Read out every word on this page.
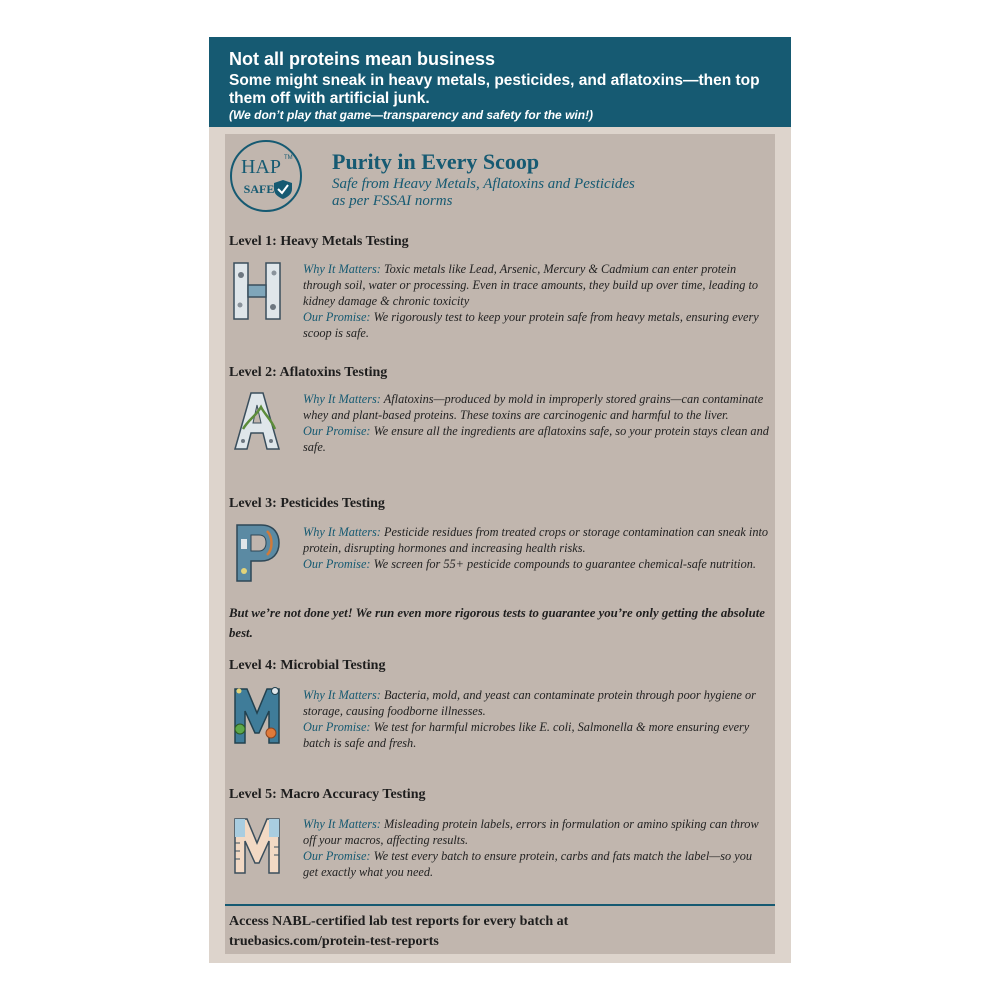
Not all proteins mean business
Some might sneak in heavy metals, pesticides, and aflatoxins—then top them off with artificial junk.
(We don’t play that game—transparency and safety for the win!)
HAP TM
SAFE
Purity in Every Scoop
Safe from Heavy Metals, Aflatoxins and Pesticides
as per FSSAI norms
Level 1: Heavy Metals Testing

Why It Matters: Toxic metals like Lead, Arsenic, Mercury & Cadmium can enter protein through soil, water or processing. Even in trace amounts, they build up over time, leading to kidney damage & chronic toxicity

Our Promise: We rigorously test to keep your protein safe from heavy metals, ensuring every scoop is safe.

Level 2: Aflatoxins Testing

Why It Matters: Aflatoxins—produced by mold in improperly stored grains—can contaminate whey and plant-based proteins. These toxins are carcinogenic and harmful to the liver.

Our Promise: We ensure all the ingredients are aflatoxins safe, so your protein stays clean and safe.

Level 3: Pesticides Testing

Why It Matters: Pesticide residues from treated crops or storage contamination can sneak into protein, disrupting hormones and increasing health risks.

Our Promise: We screen for 55+ pesticide compounds to guarantee chemical-safe nutrition.

But we’re not done yet! We run even more rigorous tests to guarantee you’re only getting the absolute best.
Level 4: Microbial Testing

Why It Matters: Bacteria, mold, and yeast can contaminate protein through poor hygiene or storage, causing foodborne illnesses.

Our Promise: We test for harmful microbes like E. coli, Salmonella & more ensuring every batch is safe and fresh.

Level 5: Macro Accuracy Testing

Why It Matters: Misleading protein labels, errors in formulation or amino spiking can throw off your macros, affecting results.

Our Promise: We test every batch to ensure protein, carbs and fats match the label—so you get exactly what you need.

Access NABL-certified lab test reports for every batch at
truebasics.com/protein-test-reports
